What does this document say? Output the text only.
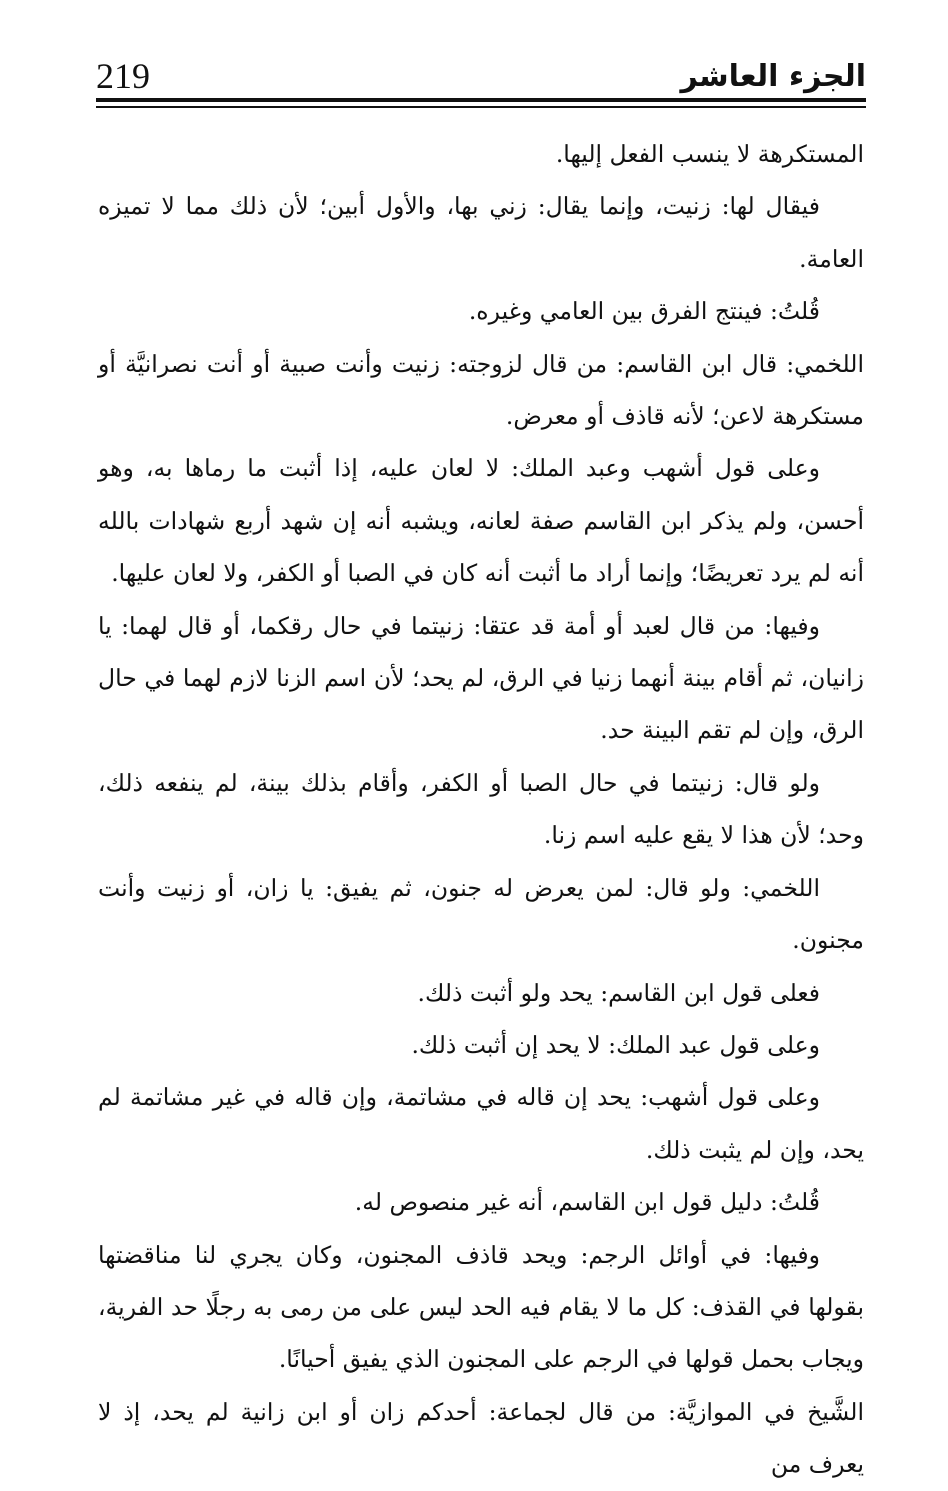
219	الجزء العاشر

المستكرهة لا ينسب الفعل إليها.

فيقال لها: زنيت، وإنما يقال: زني بها، والأول أبين؛ لأن ذلك مما لا تميزه العامة.

قُلتُ: فينتج الفرق بين العامي وغيره.

اللخمي: قال ابن القاسم: من قال لزوجته: زنيت وأنت صبية أو أنت نصرانيَّة أو مستكرهة لاعن؛ لأنه قاذف أو معرض.

وعلى قول أشهب وعبد الملك: لا لعان عليه، إذا أثبت ما رماها به، وهو أحسن، ولم يذكر ابن القاسم صفة لعانه، ويشبه أنه إن شهد أربع شهادات بالله أنه لم يرد تعريضًا؛ وإنما أراد ما أثبت أنه كان في الصبا أو الكفر، ولا لعان عليها.

وفيها: من قال لعبد أو أمة قد عتقا: زنيتما في حال رقكما، أو قال لهما: يا زانيان، ثم أقام بينة أنهما زنيا في الرق، لم يحد؛ لأن اسم الزنا لازم لهما في حال الرق، وإن لم تقم البينة حد.

ولو قال: زنيتما في حال الصبا أو الكفر، وأقام بذلك بينة، لم ينفعه ذلك، وحد؛ لأن هذا لا يقع عليه اسم زنا.

اللخمي: ولو قال: لمن يعرض له جنون، ثم يفيق: يا زان، أو زنيت وأنت مجنون.

فعلى قول ابن القاسم: يحد ولو أثبت ذلك.

وعلى قول عبد الملك: لا يحد إن أثبت ذلك.

وعلى قول أشهب: يحد إن قاله في مشاتمة، وإن قاله في غير مشاتمة لم يحد، وإن لم يثبت ذلك.

قُلتُ: دليل قول ابن القاسم، أنه غير منصوص له.

وفيها: في أوائل الرجم: ويحد قاذف المجنون، وكان يجري لنا مناقضتها بقولها في القذف: كل ما لا يقام فيه الحد ليس على من رمى به رجلًا حد الفرية، ويجاب بحمل قولها في الرجم على المجنون الذي يفيق أحيانًا.

الشَّيخ في الموازيَّة: من قال لجماعة: أحدكم زان أو ابن زانية لم يحد، إذ لا يعرف من
